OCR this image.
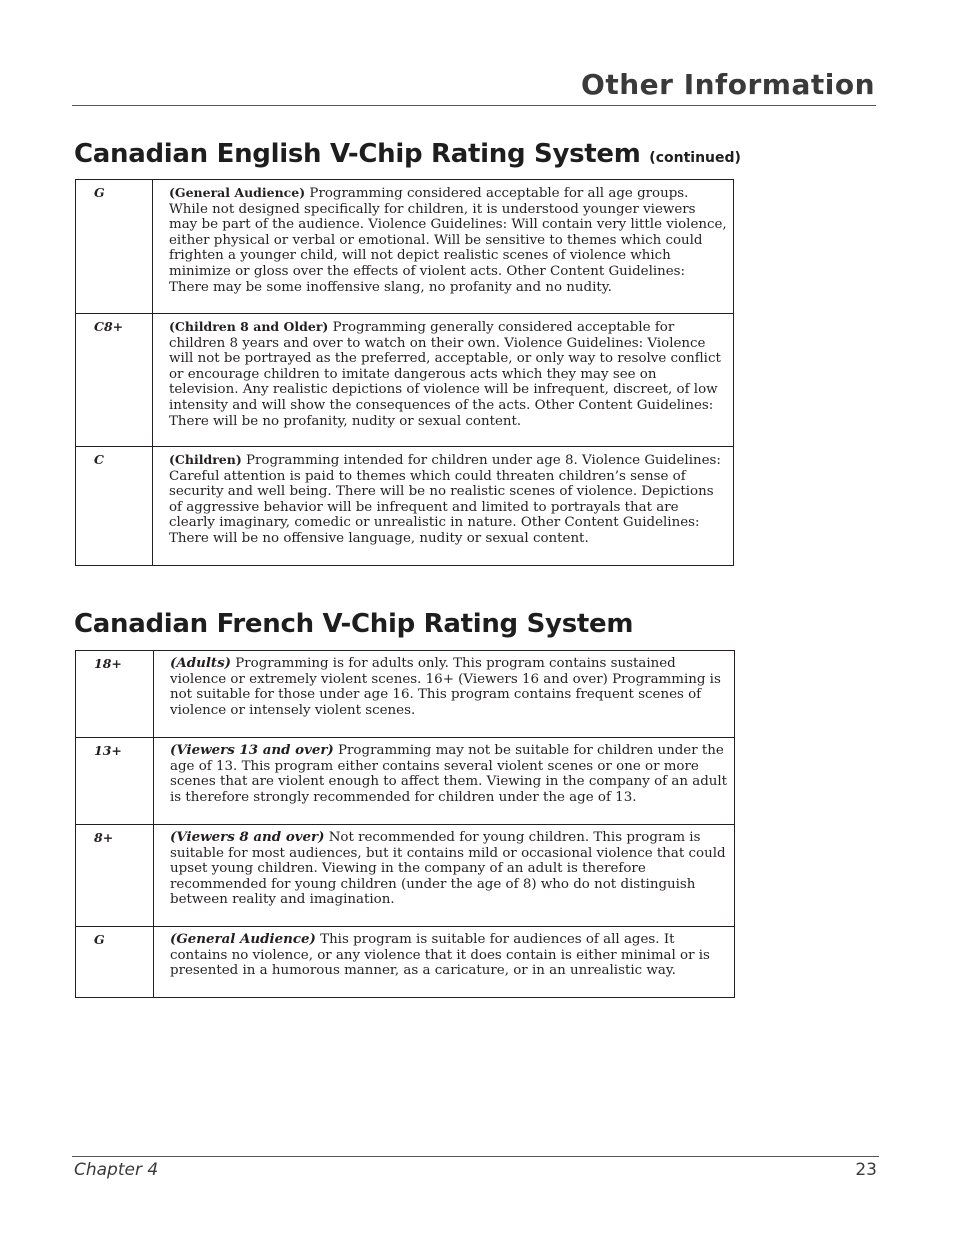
Other Information
Canadian English V-Chip Rating System (continued)
G	(General Audience) Programming considered acceptable for all age groups. While not designed specifically for children, it is understood younger viewers may be part of the audience. Violence Guidelines: Will contain very little violence, either physical or verbal or emotional. Will be sensitive to themes which could frighten a younger child, will not depict realistic scenes of violence which minimize or gloss over the effects of violent acts. Other Content Guidelines: There may be some inoffensive slang, no profanity and no nudity.
C8+	(Children 8 and Older) Programming generally considered acceptable for children 8 years and over to watch on their own. Violence Guidelines: Violence will not be portrayed as the preferred, acceptable, or only way to resolve conflict or encourage children to imitate dangerous acts which they may see on television. Any realistic depictions of violence will be infrequent, discreet, of low intensity and will show the consequences of the acts. Other Content Guidelines: There will be no profanity, nudity or sexual content.
C	(Children) Programming intended for children under age 8. Violence Guidelines: Careful attention is paid to themes which could threaten children’s sense of security and well being. There will be no realistic scenes of violence. Depictions of aggressive behavior will be infrequent and limited to portrayals that are clearly imaginary, comedic or unrealistic in nature. Other Content Guidelines: There will be no offensive language, nudity or sexual content.
Canadian French V-Chip Rating System
18+	(Adults) Programming is for adults only. This program contains sustained violence or extremely violent scenes. 16+ (Viewers 16 and over) Programming is not suitable for those under age 16. This program contains frequent scenes of violence or intensely violent scenes.
13+	(Viewers 13 and over) Programming may not be suitable for children under the age of 13. This program either contains several violent scenes or one or more scenes that are violent enough to affect them. Viewing in the company of an adult is therefore strongly recommended for children under the age of 13.
8+	(Viewers 8 and over) Not recommended for young children. This program is suitable for most audiences, but it contains mild or occasional violence that could upset young children. Viewing in the company of an adult is therefore recommended for young children (under the age of 8) who do not distinguish between reality and imagination.
G	(General Audience) This program is suitable for audiences of all ages. It contains no violence, or any violence that it does contain is either minimal or is presented in a humorous manner, as a caricature, or in an unrealistic way.
Chapter 4	23
